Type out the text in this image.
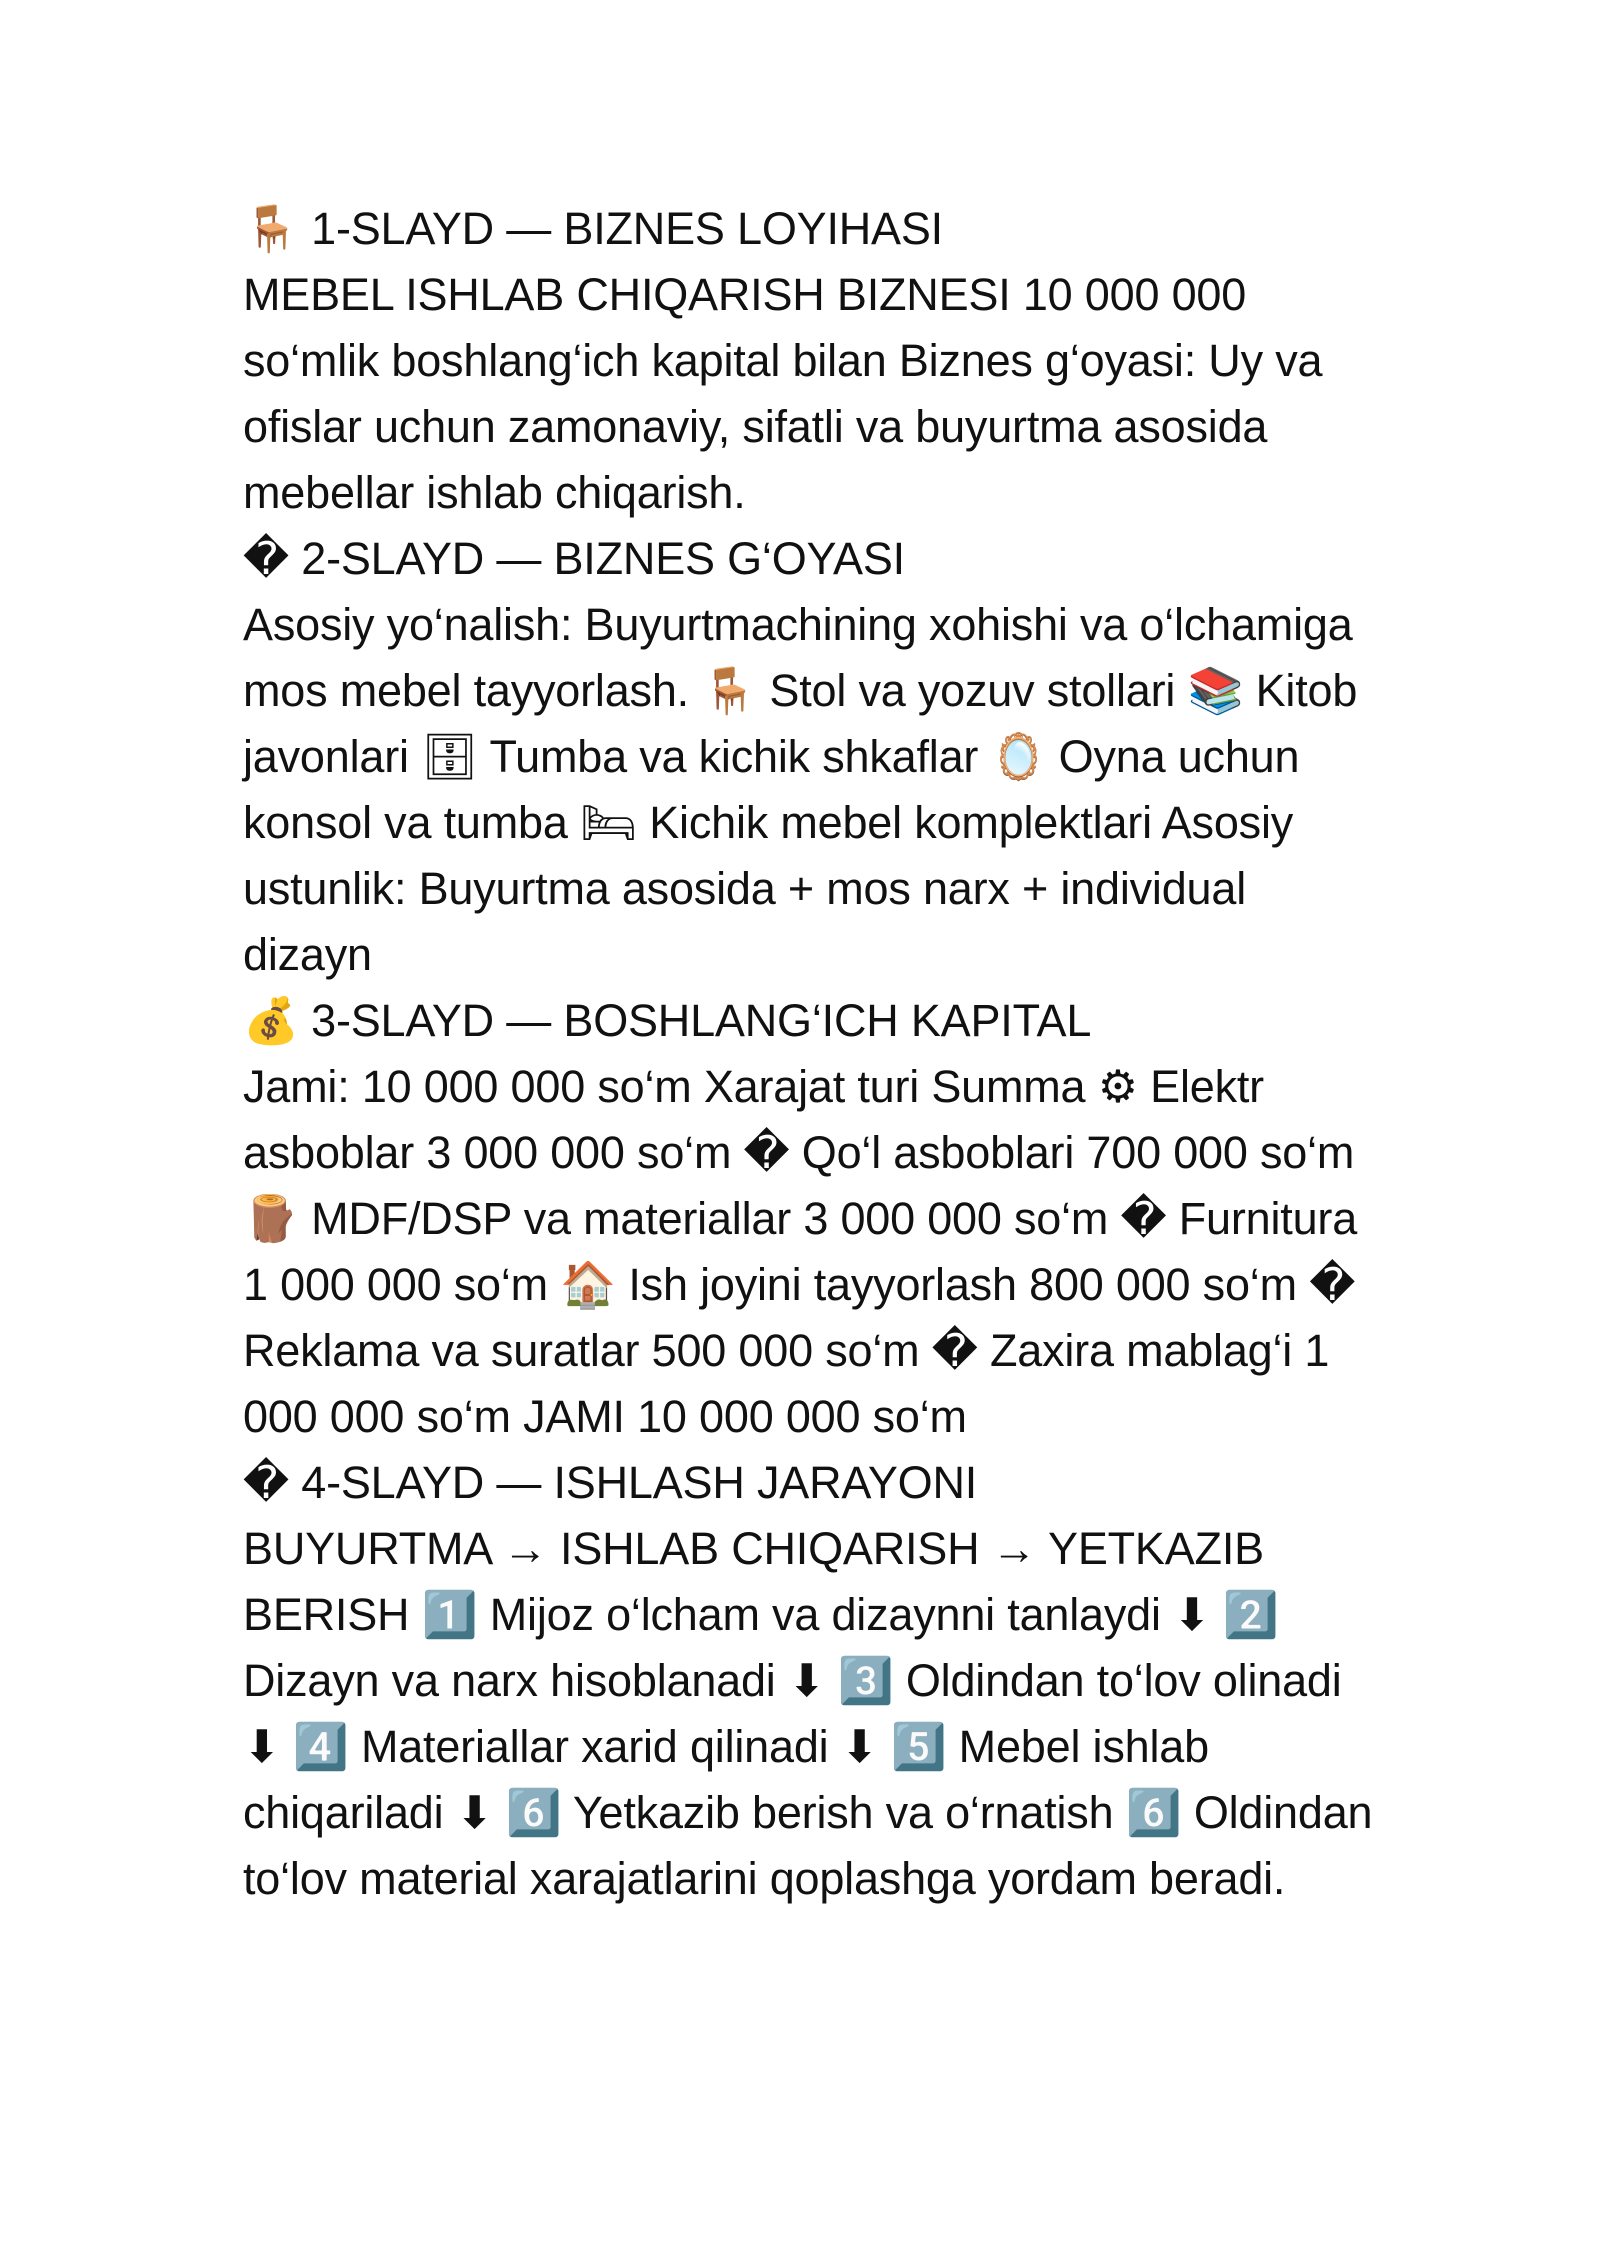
🪑 1-SLAYD — BIZNES LOYIHASI

MEBEL ISHLAB CHIQARISH BIZNESI 10 000 000 so‘mlik boshlang‘ich kapital bilan Biznes g‘oyasi: Uy va ofislar uchun zamonaviy, sifatli va buyurtma asosida mebellar ishlab chiqarish.

� 2-SLAYD — BIZNES G‘OYASI

Asosiy yo‘nalish: Buyurtmachining xohishi va o‘lchamiga mos mebel tayyorlash. 🪑 Stol va yozuv stollari 📚 Kitob javonlari 🗄 Tumba va kichik shkaflar 🪞 Oyna uchun konsol va tumba 🛏 Kichik mebel komplektlari Asosiy ustunlik: Buyurtma asosida + mos narx + individual dizayn

💰 3-SLAYD — BOSHLANG‘ICH KAPITAL

Jami: 10 000 000 so‘m Xarajat turi Summa ⚙ Elektr asboblar 3 000 000 so‘m � Qo‘l asboblari 700 000 so‘m 🪵 MDF/DSP va materiallar 3 000 000 so‘m � Furnitura 1 000 000 so‘m 🏠 Ish joyini tayyorlash 800 000 so‘m � Reklama va suratlar 500 000 so‘m � Zaxira mablag‘i 1 000 000 so‘m JAMI 10 000 000 so‘m

� 4-SLAYD — ISHLASH JARAYONI

BUYURTMA → ISHLAB CHIQARISH → YETKAZIB BERISH 1️⃣ Mijoz o‘lcham va dizaynni tanlaydi ⬇ 2️⃣ Dizayn va narx hisoblanadi ⬇ 3️⃣ Oldindan to‘lov olinadi ⬇ 4️⃣ Materiallar xarid qilinadi ⬇ 5️⃣ Mebel ishlab chiqariladi ⬇ 6️⃣ Yetkazib berish va o‘rnatish 6️⃣ Oldindan to‘lov material xarajatlarini qoplashga yordam beradi.
